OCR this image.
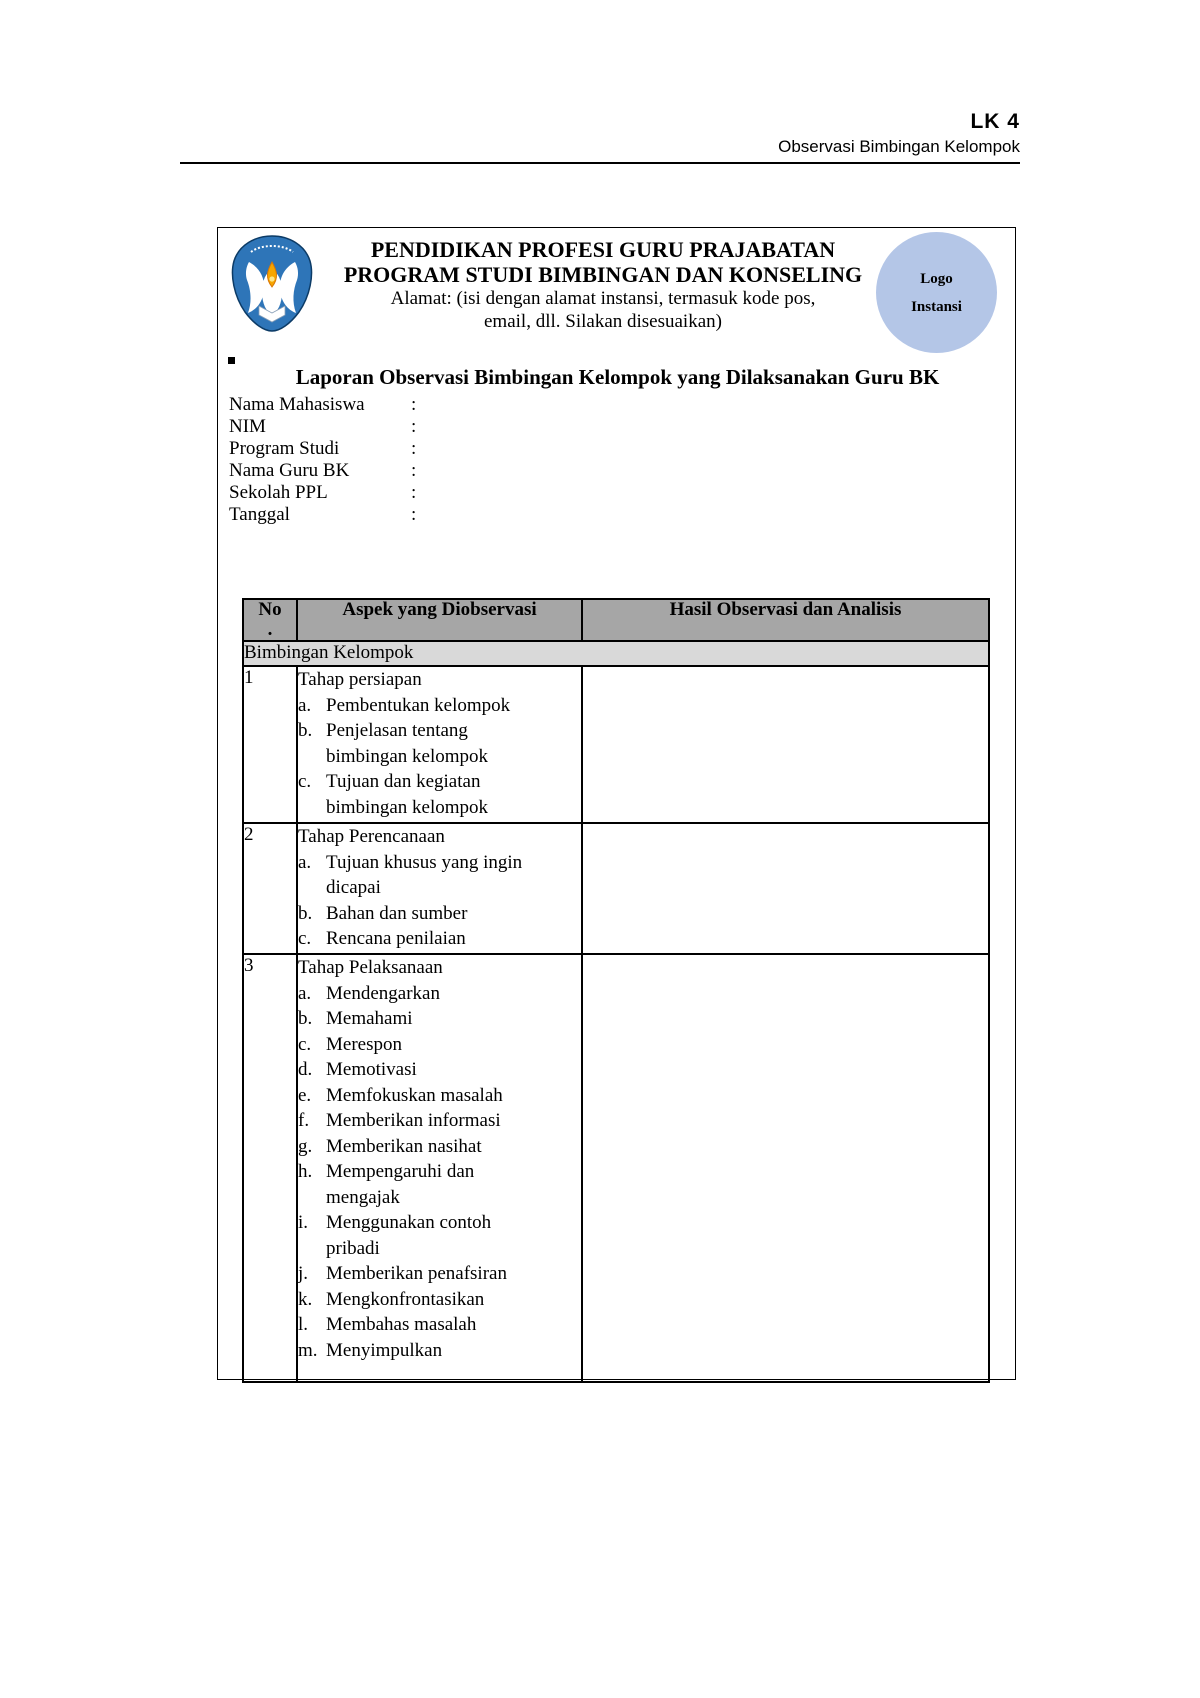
LK 4
Observasi Bimbingan Kelompok
PENDIDIKAN PROFESI GURU PRAJABATAN
PROGRAM STUDI BIMBINGAN DAN KONSELING
Alamat: (isi dengan alamat instansi, termasuk kode pos,
email, dll. Silakan disesuaikan)
Logo
Instansi
Laporan Observasi Bimbingan Kelompok yang Dilaksanakan Guru BK
Nama Mahasiswa	:
NIM	:
Program Studi	:
Nama Guru BK	:
Sekolah PPL	:
Tanggal	:
No
.	Aspek yang Diobservasi	Hasil Observasi dan Analisis
Bimbingan Kelompok		
1	Tahap persiapan
a. Pembentukan kelompok
b. Penjelasan tentang
bimbingan kelompok
c. Tujuan dan kegiatan
bimbingan kelompok

2	Tahap Perencanaan
a. Tujuan khusus yang ingin
dicapai
b. Bahan dan sumber
c. Rencana penilaian

3	Tahap Pelaksanaan
a. Mendengarkan
b. Memahami
c. Merespon
d. Memotivasi
e. Memfokuskan masalah
f. Memberikan informasi
g. Memberikan nasihat
h. Mempengaruhi dan
mengajak
i. Menggunakan contoh
pribadi
j. Memberikan penafsiran
k. Mengkonfrontasikan
l. Membahas masalah
m. Menyimpulkan
